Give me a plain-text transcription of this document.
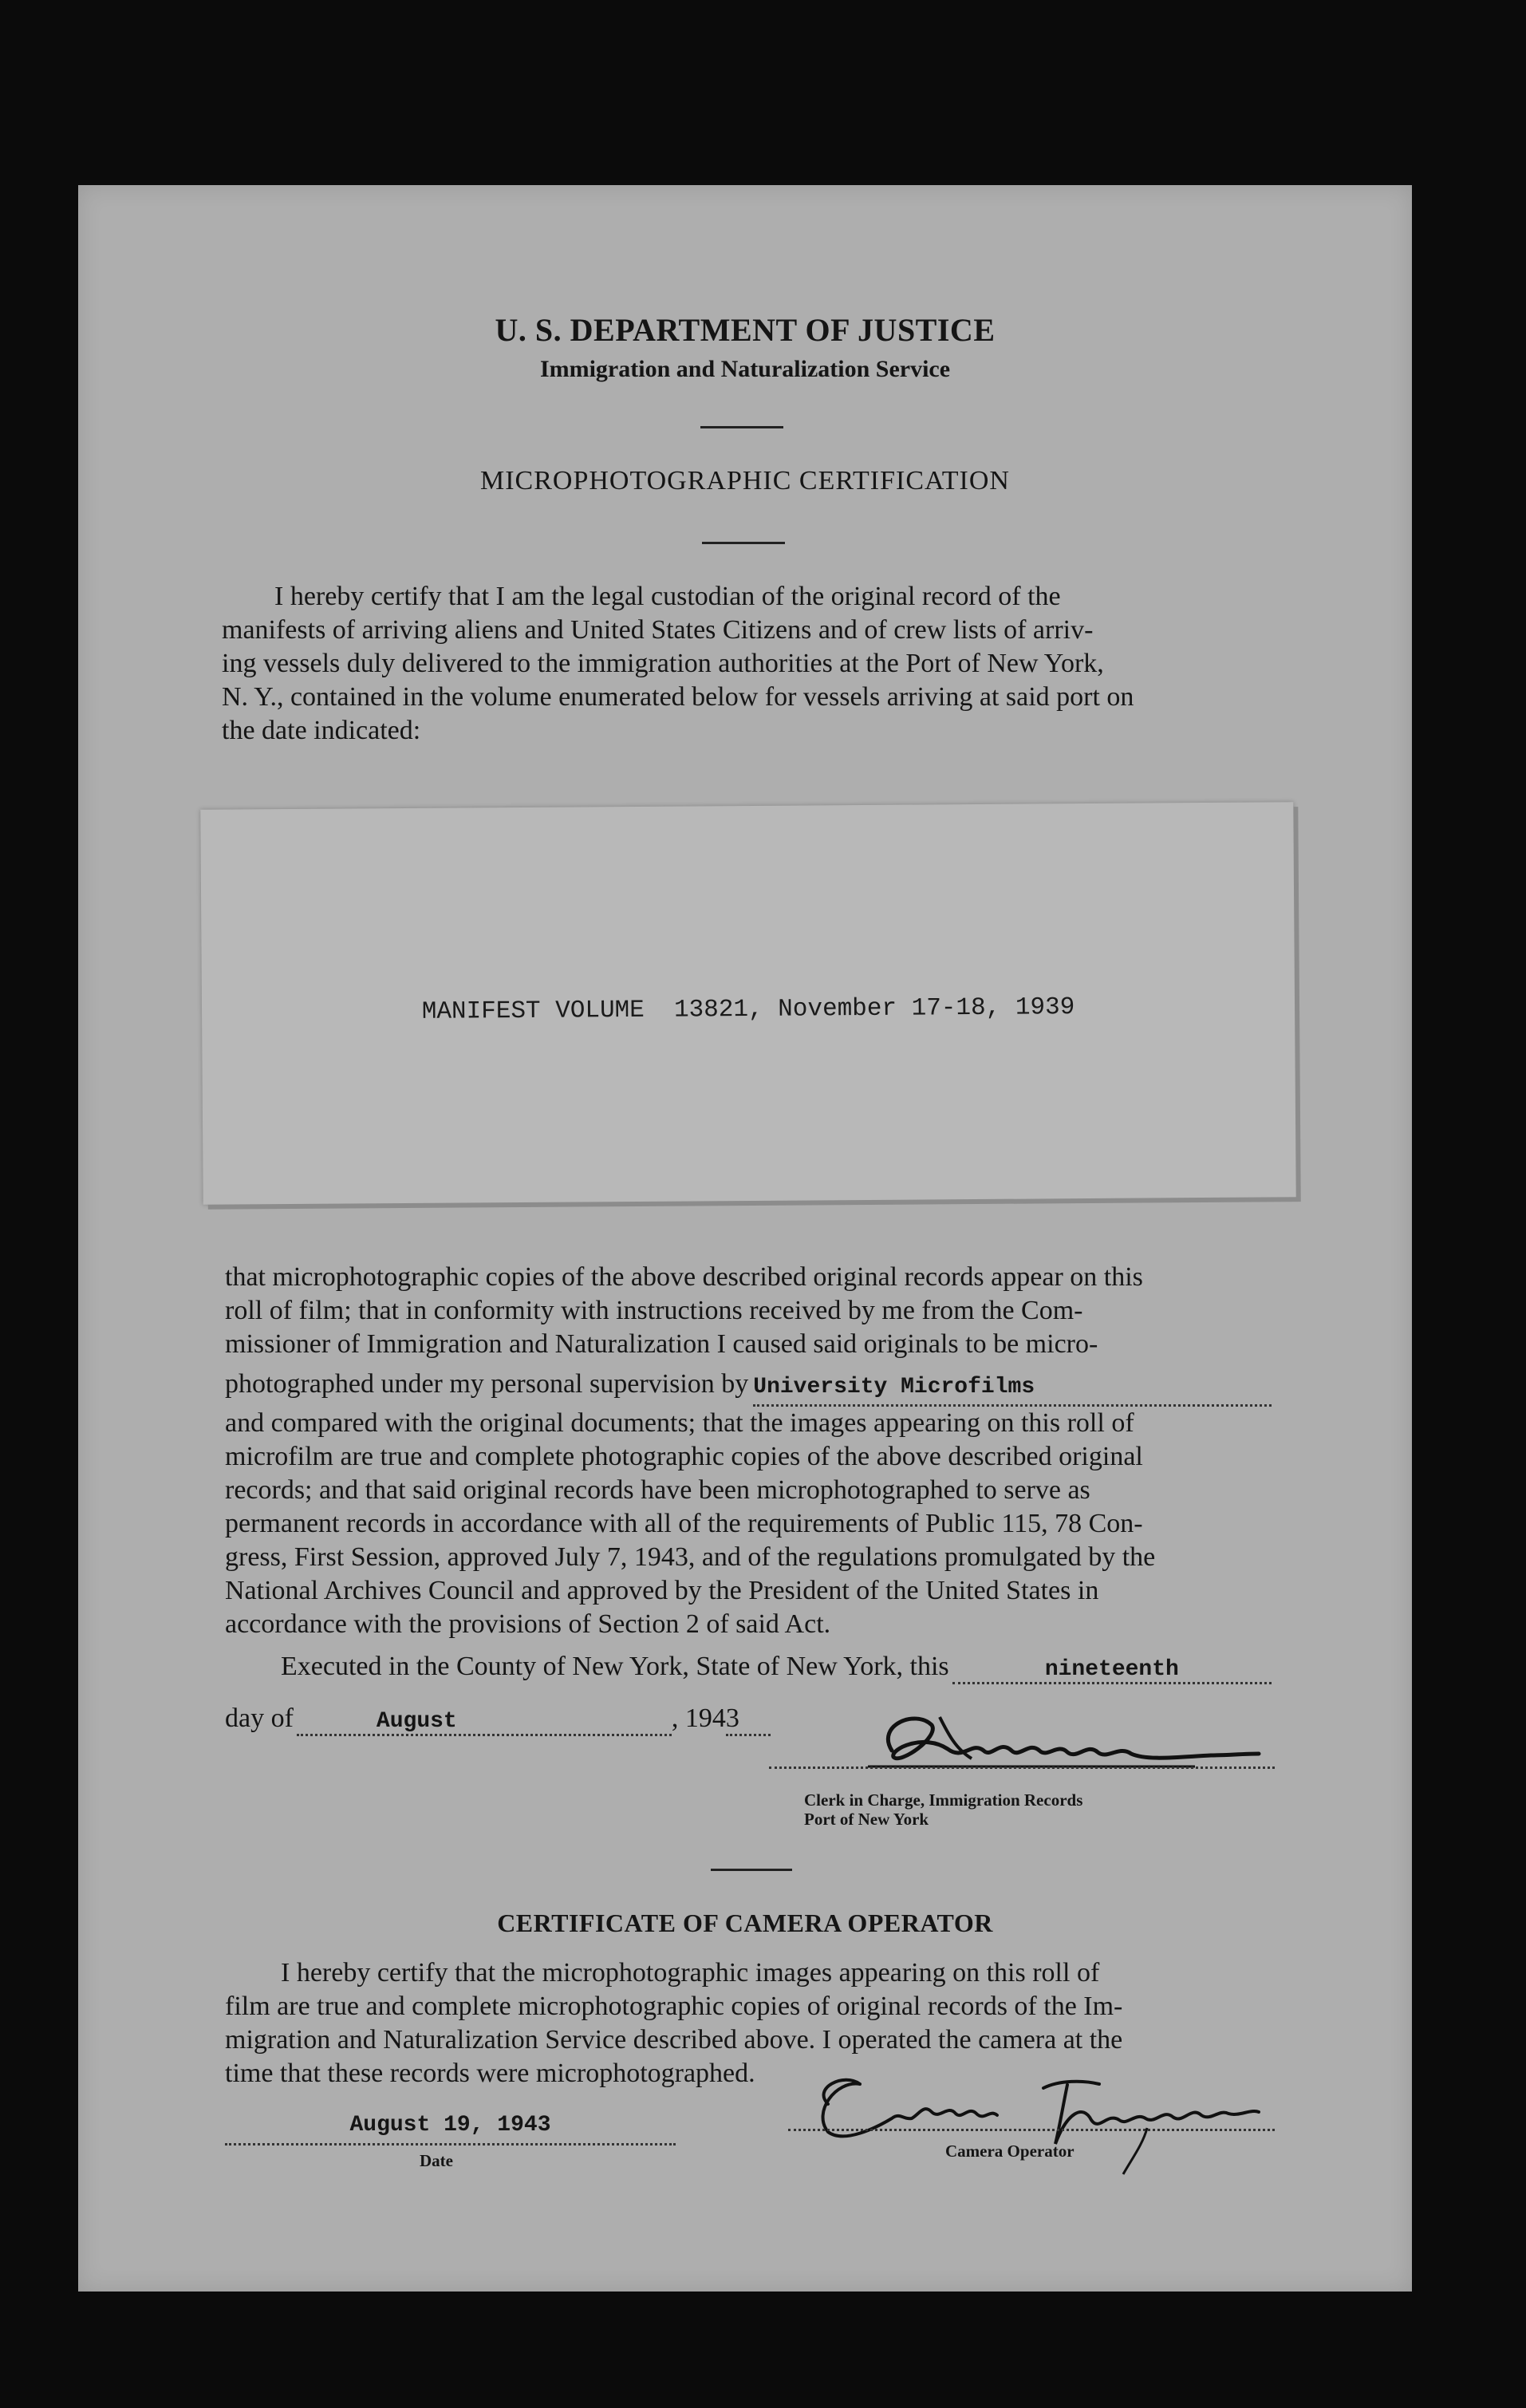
U. S. DEPARTMENT OF JUSTICE
Immigration and Naturalization Service
MICROPHOTOGRAPHIC CERTIFICATION
I hereby certify that I am the legal custodian of the original record of the
manifests of arriving aliens and United States Citizens and of crew lists of arriv-
ing vessels duly delivered to the immigration authorities at the Port of New York,
N. Y., contained in the volume enumerated below for vessels arriving at said port on
the date indicated:
MANIFEST VOLUME  13821, November 17-18, 1939
that microphotographic copies of the above described original records appear on this
roll of film; that in conformity with instructions received by me from the Com-
missioner of Immigration and Naturalization I caused said originals to be micro-
photographed under my personal supervision by University Microfilms
and compared with the original documents; that the images appearing on this roll of
microfilm are true and complete photographic copies of the above described original
records; and that said original records have been microphotographed to serve as
permanent records in accordance with all of the requirements of Public 115, 78 Con-
gress, First Session, approved July 7, 1943, and of the regulations promulgated by the
National Archives Council and approved by the President of the United States in
accordance with the provisions of Section 2 of said Act.
Executed in the County of New York, State of New York, this	nineteenth
day of	August	, 194 3
Clerk in Charge, Immigration Records
Port of New York
CERTIFICATE OF CAMERA OPERATOR
I hereby certify that the microphotographic images appearing on this roll of
film are true and complete microphotographic copies of original records of the Im-
migration and Naturalization Service described above. I operated the camera at the
time that these records were microphotographed.
August 19, 1943
Date	Camera Operator
